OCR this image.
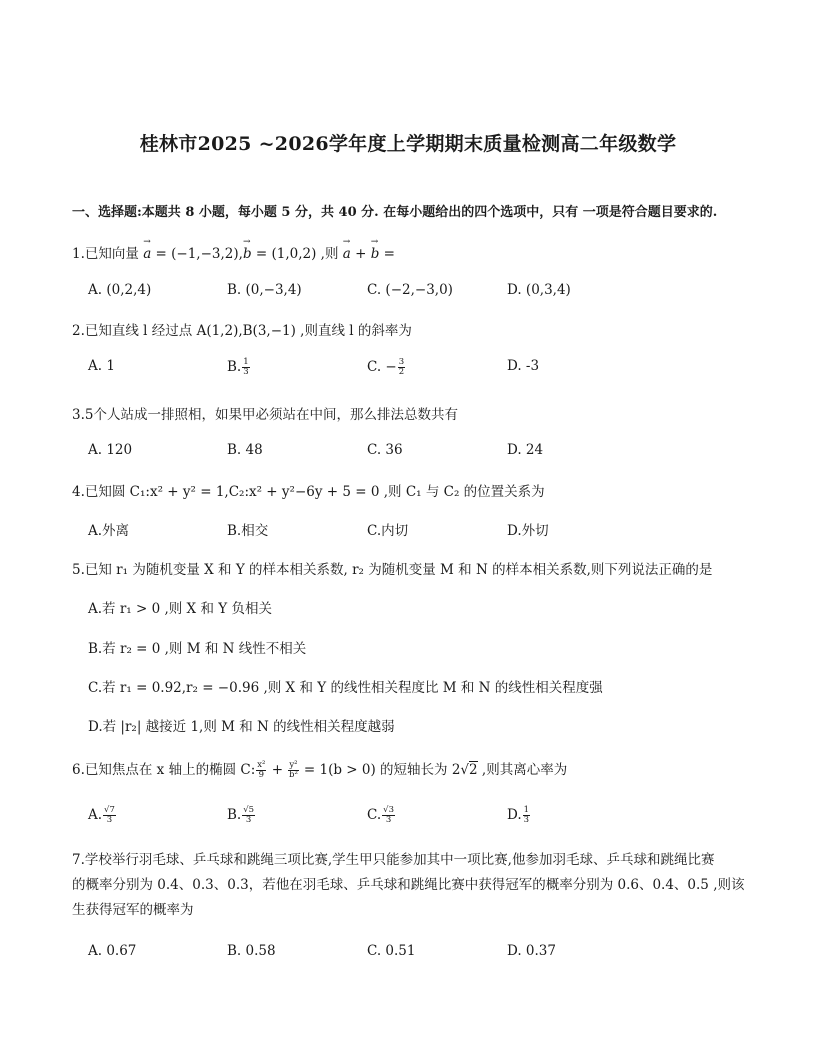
桂林市2025 ~2026学年度上学期期末质量检测高二年级数学
一、选择题:本题共 8 小题，每小题 5 分，共 40 分. 在每小题给出的四个选项中，只有 一项是符合题目要求的.
1.已知向量 → a = (−1,−3,2),→ b = (1,0,2) ,则 → a + → b =
A. (0,2,4)	B. (0,−3,4)	C. (−2,−3,0)	D. (0,3,4)
2.已知直线 l 经过点 A(1,2),B(3,−1) ,则直线 l 的斜率为
A. 1	B. $\frac{1}{3}$	C. − $\frac{3}{2}$	D. -3
3.5个人站成一排照相，如果甲必须站在中间，那么排法总数共有
A. 120	B. 48	C. 36	D. 24
4.已知圆 C₁:x² + y² = 1,C₂:x² + y²−6y + 5 = 0 ,则 C₁ 与 C₂ 的位置关系为
A.外离	B.相交	C.内切	D.外切
5.已知 r₁ 为随机变量 X 和 Y 的样本相关系数, r₂ 为随机变量 M 和 N 的样本相关系数,则下列说法正确的是
A.若 r₁ > 0 ,则 X 和 Y 负相关
B.若 r₂ = 0 ,则 M 和 N 线性不相关
C.若 r₁ = 0.92,r₂ = −0.96 ,则 X 和 Y 的线性相关程度比 M 和 N 的线性相关程度强
D.若 |r₂| 越接近 1,则 M 和 N 的线性相关程度越弱
6.已知焦点在 x 轴上的椭圆 C: $\frac{\text{x²}}{9} + \frac{\text{y²}}{\text{b²}} = 1(b > 0)$ 的短轴长为 2√2 ,则其离心率为
A. $\frac{√7}{3}$	B. $\frac{√5}{3}$	C. $\frac{√3}{3}$	D. $\frac{1}{3}$
7.学校举行羽毛球、乒乓球和跳绳三项比赛,学生甲只能参加其中一项比赛,他参加羽毛球、乒乓球和跳绳比赛
的概率分别为 0.4、0.3、0.3，若他在羽毛球、乒乓球和跳绳比赛中获得冠军的概率分别为 0.6、0.4、0.5 ,则该
生获得冠军的概率为
A. 0.67	B. 0.58	C. 0.51	D. 0.37
